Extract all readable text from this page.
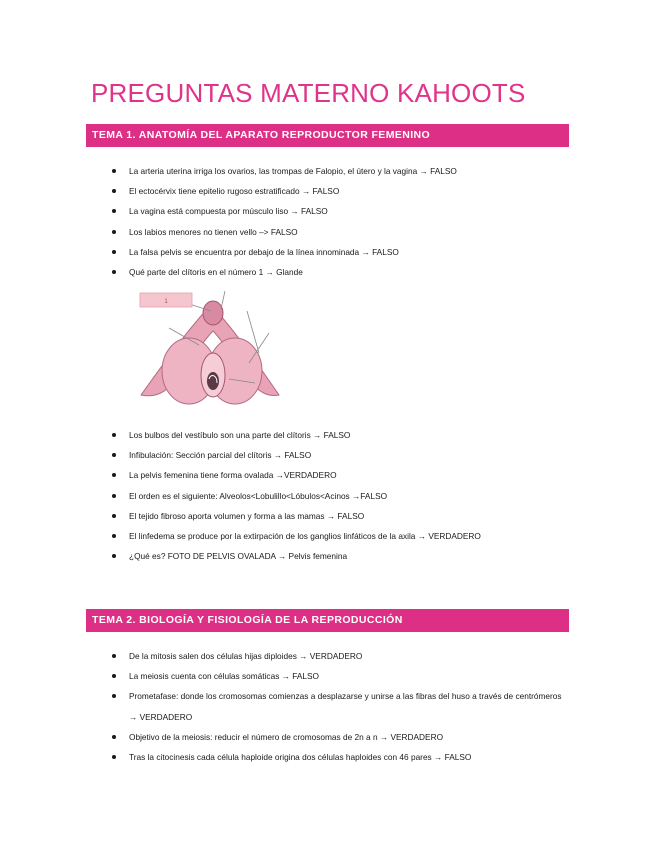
PREGUNTAS MATERNO KAHOOTS
TEMA 1. ANATOMÍA DEL APARATO REPRODUCTOR FEMENINO
La arteria uterina irriga los ovarios, las trompas de Falopio, el útero y la vagina → FALSO
El ectocérvix tiene epitelio rugoso estratificado → FALSO
La vagina está compuesta por músculo liso → FALSO
Los labios menores no tienen vello –> FALSO
La falsa pelvis se encuentra por debajo de la línea innominada → FALSO
Qué parte del clítoris en el número 1 → Glande
1
Los bulbos del vestíbulo son una parte del clítoris → FALSO
Infibulación: Sección parcial del clítoris → FALSO
La pelvis femenina tiene forma ovalada →VERDADERO
El orden es el siguiente: Alveolos<Lobulillo<Lóbulos<Acinos →FALSO
El tejido fibroso aporta volumen y forma a las mamas → FALSO
El linfedema se produce por la extirpación de los ganglios linfáticos de la axila → VERDADERO
¿Qué es? FOTO DE PELVIS OVALADA → Pelvis femenina
TEMA 2. BIOLOGÍA Y FISIOLOGÍA DE LA REPRODUCCIÓN
De la mitosis salen dos células hijas diploides → VERDADERO
La meiosis cuenta con células somáticas → FALSO
Prometafase: donde los cromosomas comienzas a desplazarse y unirse a las fibras del huso a través de centrómeros → VERDADERO
Objetivo de la meiosis: reducir el número de cromosomas de 2n a n → VERDADERO
Tras la citocinesis cada célula haploide origina dos células haploides con 46 pares → FALSO
